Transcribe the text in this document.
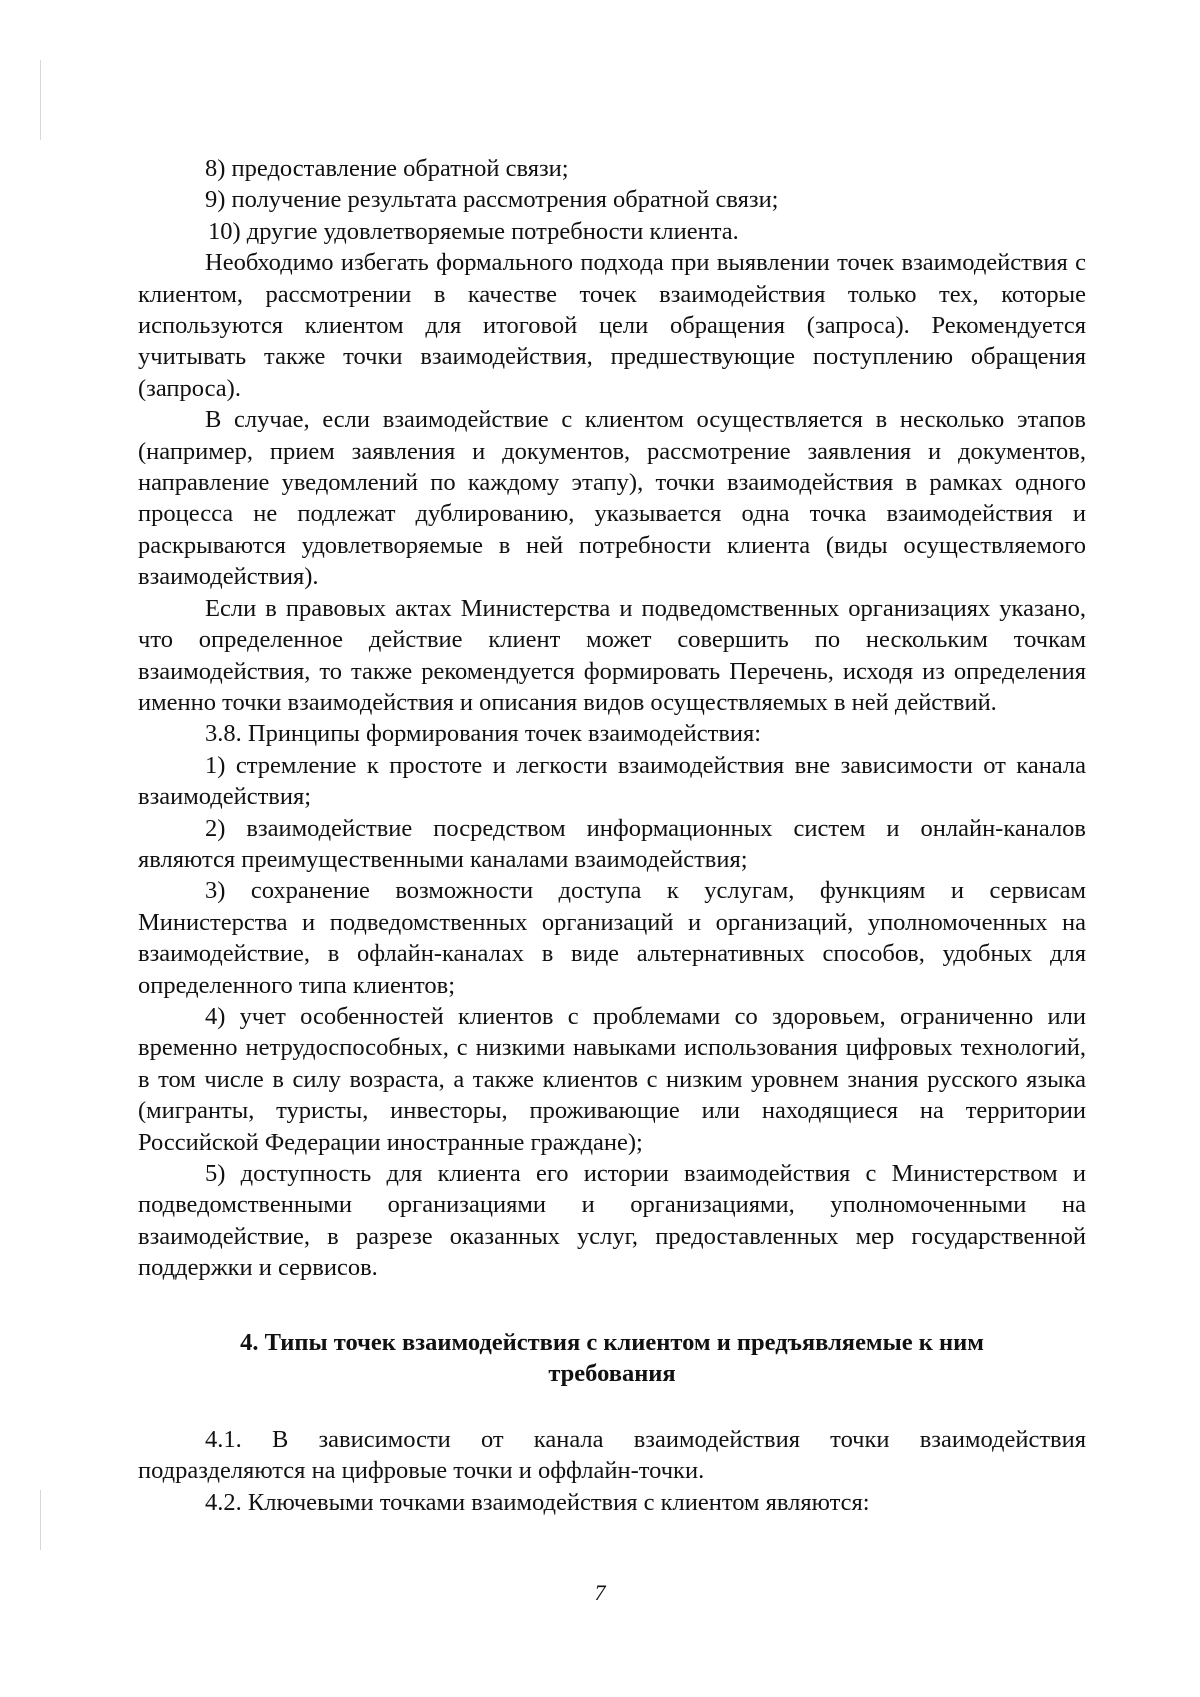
8) предоставление обратной связи;

9) получение результата рассмотрения обратной связи;

10) другие удовлетворяемые потребности клиента.

Необходимо избегать формального подхода при выявлении точек взаимодействия с клиентом, рассмотрении в качестве точек взаимодействия только тех, которые используются клиентом для итоговой цели обращения (запроса). Рекомендуется учитывать также точки взаимодействия, предшествующие поступлению обращения (запроса).

В случае, если взаимодействие с клиентом осуществляется в несколько этапов (например, прием заявления и документов, рассмотрение заявления и документов, направление уведомлений по каждому этапу), точки взаимодействия в рамках одного процесса не подлежат дублированию, указывается одна точка взаимодействия и раскрываются удовлетворяемые в ней потребности клиента (виды осуществляемого взаимодействия).

Если в правовых актах Министерства и подведомственных организациях указано, что определенное действие клиент может совершить по нескольким точкам взаимодействия, то также рекомендуется формировать Перечень, исходя из определения именно точки взаимодействия и описания видов осуществляемых в ней действий.

3.8. Принципы формирования точек взаимодействия:

1) стремление к простоте и легкости взаимодействия вне зависимости от канала взаимодействия;

2) взаимодействие посредством информационных систем и онлайн-каналов являются преимущественными каналами взаимодействия;

3) сохранение возможности доступа к услугам, функциям и сервисам Министерства и подведомственных организаций и организаций, уполномоченных на взаимодействие, в офлайн-каналах в виде альтернативных способов, удобных для определенного типа клиентов;

4) учет особенностей клиентов с проблемами со здоровьем, ограниченно или временно нетрудоспособных, с низкими навыками использования цифровых технологий, в том числе в силу возраста, а также клиентов с низким уровнем знания русского языка (мигранты, туристы, инвесторы, проживающие или находящиеся на территории Российской Федерации иностранные граждане);

5) доступность для клиента его истории взаимодействия с Министерством и подведомственными организациями и организациями, уполномоченными на взаимодействие, в разрезе оказанных услуг, предоставленных мер государственной поддержки и сервисов.

4. Типы точек взаимодействия с клиентом и предъявляемые к ним
требования

4.1. В зависимости от канала взаимодействия точки взаимодействия подразделяются на цифровые точки и оффлайн-точки.

4.2. Ключевыми точками взаимодействия с клиентом являются:

7
